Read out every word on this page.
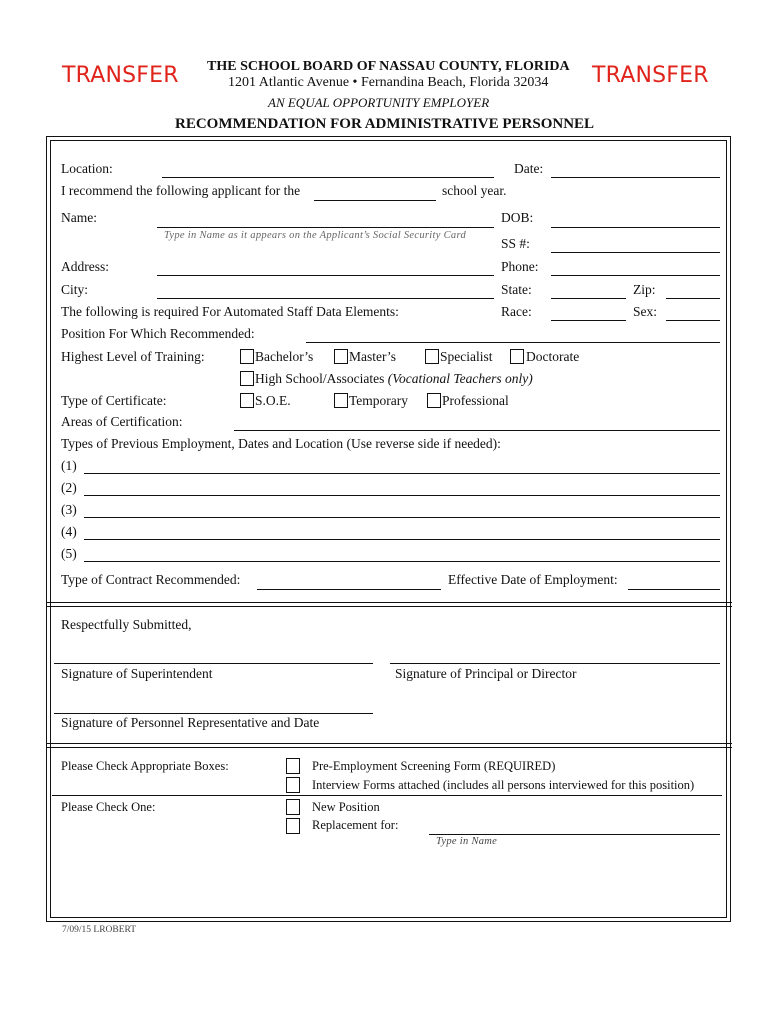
TRANSFER	TRANSFER
THE SCHOOL BOARD OF NASSAU COUNTY, FLORIDA
1201 Atlantic Avenue • Fernandina Beach, Florida 32034
AN EQUAL OPPORTUNITY EMPLOYER
RECOMMENDATION FOR ADMINISTRATIVE PERSONNEL
Location:	Date:
I recommend the following applicant for the	school year.
Name:
Type in Name as it appears on the Applicant’s Social Security Card
DOB:
SS #:
Address:	Phone:
City:	State:	Zip:
The following is required For Automated Staff Data Elements:	Race:	Sex:
Position For Which Recommended:
Highest Level of Training:	Bachelor’s	Master’s	Specialist Doctorate
High School/Associates (Vocational Teachers only)
Type of Certificate:	S.O.E.	Temporary	Professional
Areas of Certification:
Types of Previous Employment, Dates and Location (Use reverse side if needed):
(1)
(2)
(3)
(4)
(5)
Type of Contract Recommended:	Effective Date of Employment:
Respectfully Submitted,
Signature of Superintendent	Signature of Principal or Director
Signature of Personnel Representative and Date
Please Check Appropriate Boxes:	Pre-Employment Screening Form (REQUIRED)
Interview Forms attached (includes all persons interviewed for this position)
Please Check One:	New Position
Replacement for:
Type in Name
7/09/15 LROBERT
